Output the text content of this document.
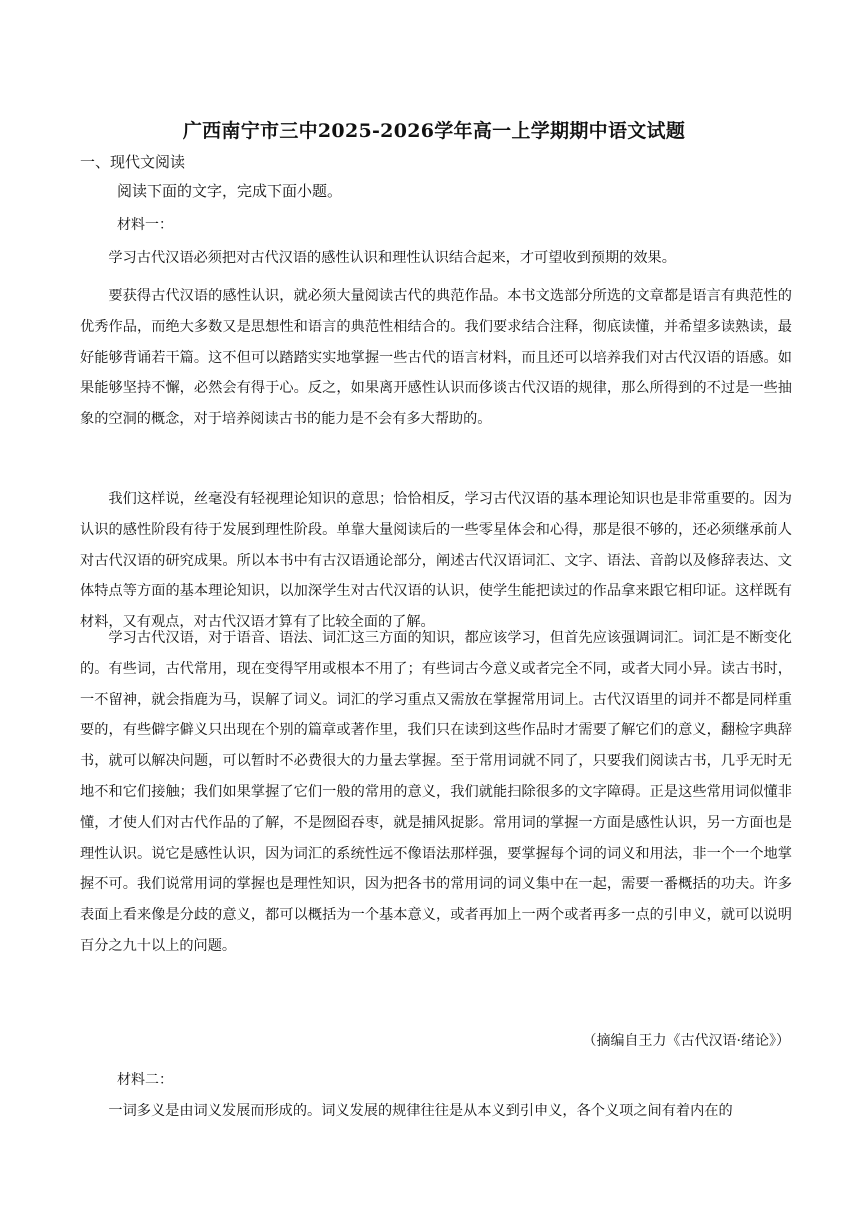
广西南宁市三中2025-2026学年高一上学期期中语文试题
一、现代文阅读
阅读下面的文字，完成下面小题。
材料一：

学习古代汉语必须把对古代汉语的感性认识和理性认识结合起来，才可望收到预期的效果。

要获得古代汉语的感性认识，就必须大量阅读古代的典范作品。本书文选部分所选的文章都是语言有典范性的优秀作品，而绝大多数又是思想性和语言的典范性相结合的。我们要求结合注释，彻底读懂，并希望多读熟读，最好能够背诵若干篇。这不但可以踏踏实实地掌握一些古代的语言材料，而且还可以培养我们对古代汉语的语感。如果能够坚持不懈，必然会有得于心。反之，如果离开感性认识而侈谈古代汉语的规律，那么所得到的不过是一些抽象的空洞的概念，对于培养阅读古书的能力是不会有多大帮助的。

我们这样说，丝毫没有轻视理论知识的意思；恰恰相反，学习古代汉语的基本理论知识也是非常重要的。因为认识的感性阶段有待于发展到理性阶段。单靠大量阅读后的一些零星体会和心得，那是很不够的，还必须继承前人对古代汉语的研究成果。所以本书中有古汉语通论部分，阐述古代汉语词汇、文字、语法、音韵以及修辞表达、文体特点等方面的基本理论知识，以加深学生对古代汉语的认识，使学生能把读过的作品拿来跟它相印证。这样既有材料，又有观点，对古代汉语才算有了比较全面的了解。

学习古代汉语，对于语音、语法、词汇这三方面的知识，都应该学习，但首先应该强调词汇。词汇是不断变化的。有些词，古代常用，现在变得罕用或根本不用了；有些词古今意义或者完全不同，或者大同小异。读古书时，一不留神，就会指鹿为马，误解了词义。词汇的学习重点又需放在掌握常用词上。古代汉语里的词并不都是同样重要的，有些僻字僻义只出现在个别的篇章或著作里，我们只在读到这些作品时才需要了解它们的意义，翻检字典辞书，就可以解决问题，可以暂时不必费很大的力量去掌握。至于常用词就不同了，只要我们阅读古书，几乎无时无地不和它们接触；我们如果掌握了它们一般的常用的意义，我们就能扫除很多的文字障碍。正是这些常用词似懂非懂，才使人们对古代作品的了解，不是囫囵吞枣，就是捕风捉影。常用词的掌握一方面是感性认识，另一方面也是理性认识。说它是感性认识，因为词汇的系统性远不像语法那样强，要掌握每个词的词义和用法，非一个一个地掌握不可。我们说常用词的掌握也是理性知识，因为把各书的常用词的词义集中在一起，需要一番概括的功夫。许多表面上看来像是分歧的意义，都可以概括为一个基本意义，或者再加上一两个或者再多一点的引申义，就可以说明百分之九十以上的问题。

（摘编自王力《古代汉语·绪论》）
材料二：

一词多义是由词义发展而形成的。词义发展的规律往往是从本义到引申义，各个义项之间有着内在的
